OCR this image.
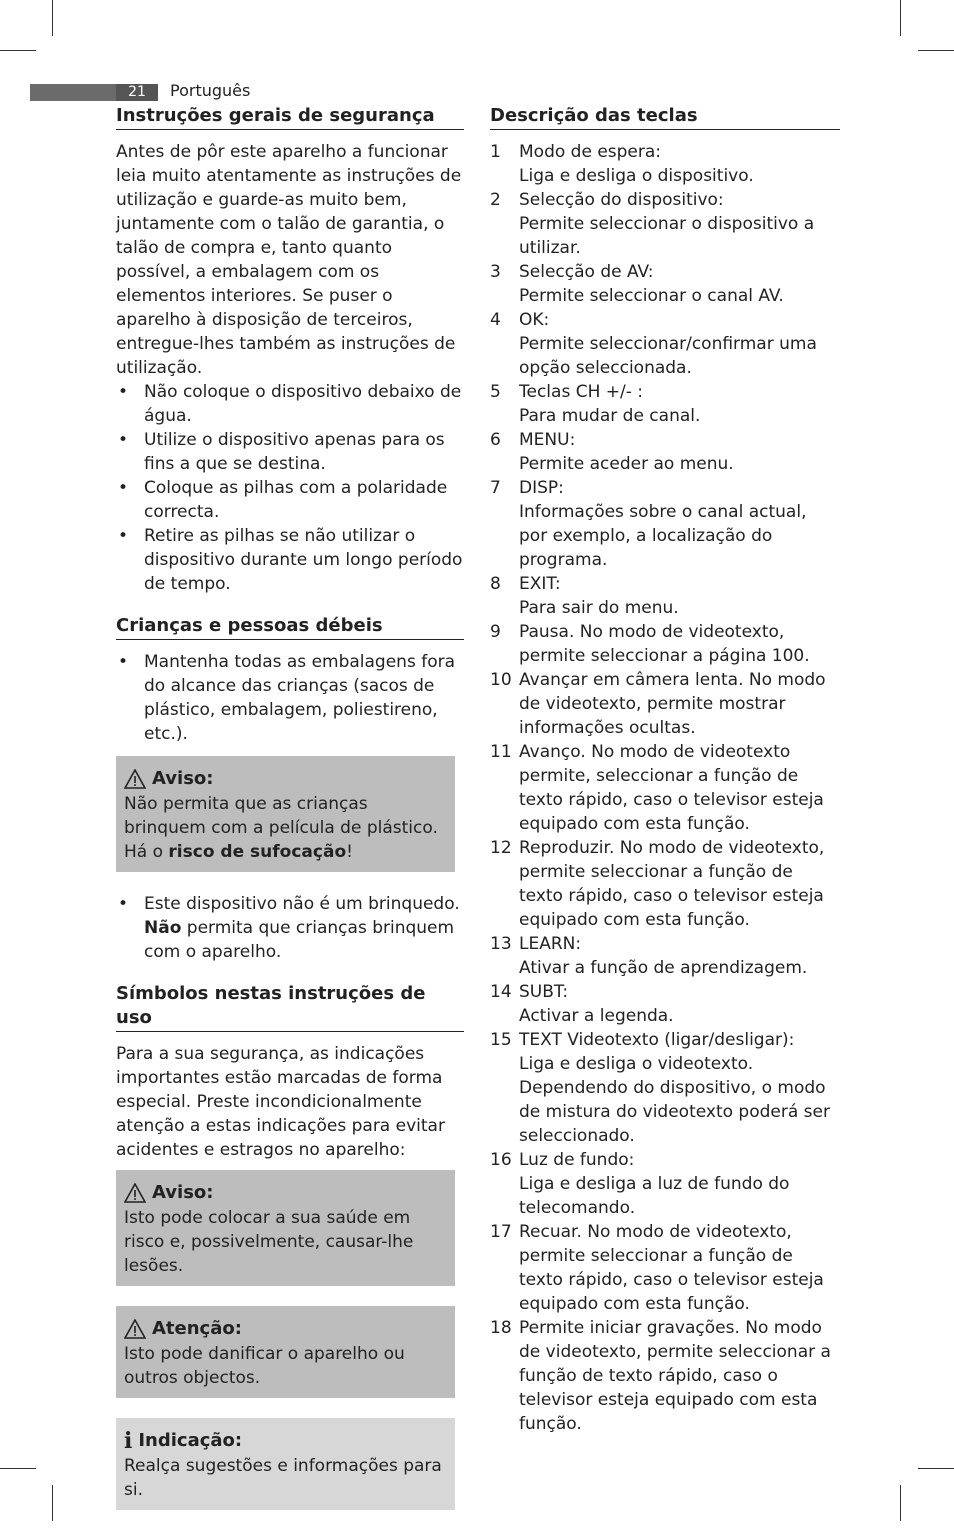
21	Português
Instruções gerais de segurança

Antes de pôr este aparelho a funcionar leia muito atentamente as instruções de utilização e guarde-as muito bem, juntamente com o talão de garantia, o talão de compra e, tanto quanto possível, a embalagem com os elementos interiores. Se puser o aparelho à disposição de terceiros, entregue-lhes também as instruções de utilização.

• Não coloque o dispositivo debaixo de água.
• Utilize o dispositivo apenas para os fins a que se destina.
• Coloque as pilhas com a polaridade correcta.
• Retire as pilhas se não utilizar o dispositivo durante um longo período de tempo.
Crianças e pessoas débeis
• Mantenha todas as embalagens fora do alcance das crianças (sacos de plástico, embalagem, poliestireno, etc.).
Aviso:

Não permita que as crianças brinquem com a película de plástico. Há o risco de sufocação!

• Este dispositivo não é um brinquedo. Não permita que crianças brinquem com o aparelho.
Símbolos nestas instruções de uso

Para a sua segurança, as indicações importantes estão marcadas de forma especial. Preste incondicionalmente atenção a estas indicações para evitar acidentes e estragos no aparelho:

Aviso:

Isto pode colocar a sua saúde em risco e, possivelmente, causar-lhe lesões.

Atenção:

Isto pode danificar o aparelho ou outros objectos.

i Indicação:

Realça sugestões e informações para si.

Descrição das teclas
1	Modo de espera:
Liga e desliga o dispositivo.
2	Selecção do dispositivo:
Permite seleccionar o dispositivo a utilizar.
3	Selecção de AV:
Permite seleccionar o canal AV.
4	OK:
Permite seleccionar/confirmar uma opção seleccionada.
5	Teclas CH +/- :
Para mudar de canal.
6	MENU:
Permite aceder ao menu.
7	DISP:
Informações sobre o canal actual, por exemplo, a localização do programa.
8	EXIT:
Para sair do menu.
9	Pausa. No modo de videotexto, permite seleccionar a página 100.
10 Avançar em câmera lenta. No modo de videotexto, permite mostrar informações ocultas.
11 Avanço. No modo de videotexto permite, seleccionar a função de texto rápido, caso o televisor esteja equipado com esta função.
12 Reproduzir. No modo de videotexto, permite seleccionar a função de texto rápido, caso o televisor esteja equipado com esta função.
13 LEARN:
Ativar a função de aprendizagem.
14 SUBT:
Activar a legenda.
15 TEXT Videotexto (ligar/desligar):
Liga e desliga o videotexto. Dependendo do dispositivo, o modo de mistura do videotexto poderá ser seleccionado.
16 Luz de fundo:
Liga e desliga a luz de fundo do telecomando.
17 Recuar. No modo de videotexto, permite seleccionar a função de texto rápido, caso o televisor esteja equipado com esta função.
18 Permite iniciar gravações. No modo de videotexto, permite seleccionar a função de texto rápido, caso o televisor esteja equipado com esta função.
